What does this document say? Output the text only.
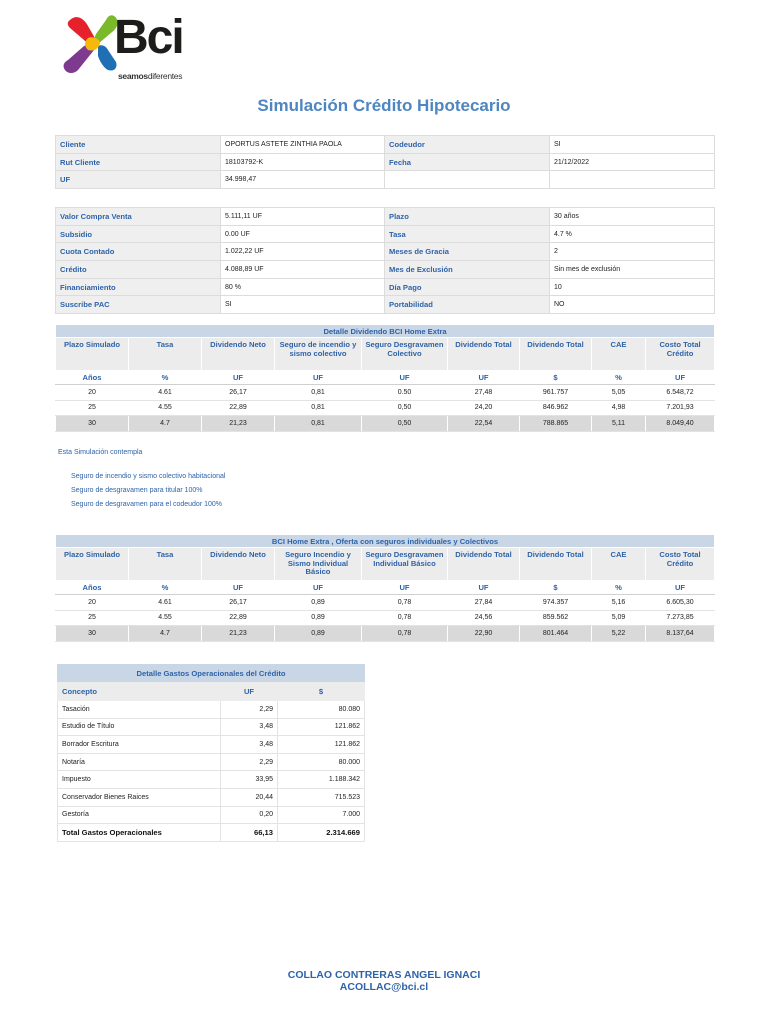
Bci
seamosdiferentes
Simulación Crédito Hipotecario
Cliente	OPORTUS ASTETE ZINTHIA PAOLA	Codeudor	SI
Rut Cliente	18103792-K	Fecha	21/12/2022
UF	34.998,47		
Valor Compra Venta	5.111,11 UF	Plazo	30 años
Subsidio	0.00 UF	Tasa	4.7 %
Cuota Contado	1.022,22 UF	Meses de Gracia	2
Crédito	4.088,89 UF	Mes de Exclusión	Sin mes de exclusión
Financiamiento	80 %	Día Pago	10
Suscribe PAC	SI	Portabilidad	NO
Detalle Dividendo BCI Home Extra								
Plazo Simulado	Tasa	Dividendo Neto	Seguro de incendio y sismo colectivo	Seguro Desgravamen Colectivo	Dividendo Total	Dividendo Total	CAE	Costo Total Crédito
Años	%	UF	UF	UF	UF	$	%	UF
20	4.61	26,17	0,81	0.50	27,48	961.757	5,05	6.548,72
25	4.55	22,89	0,81	0,50	24,20	846.962	4,98	7.201,93
30	4.7	21,23	0,81	0,50	22,54	788.865	5,11	8.049,40
Esta Simulación contempla
Seguro de incendio y sismo colectivo habitacional
Seguro de desgravamen para titular 100%
Seguro de desgravamen para el codeudor 100%
BCI Home Extra , Oferta con seguros individuales y Colectivos								
Plazo Simulado	Tasa	Dividendo Neto	Seguro Incendio y Sismo Individual Básico	Seguro Desgravamen Individual Básico	Dividendo Total	Dividendo Total	CAE	Costo Total Crédito
Años	%	UF	UF	UF	UF	$	%	UF
20	4.61	26,17	0,89	0,78	27,84	974.357	5,16	6.605,30
25	4.55	22,89	0,89	0,78	24,56	859.562	5,09	7.273,85
30	4.7	21,23	0,89	0,78	22,90	801.464	5,22	8.137,64
Detalle Gastos Operacionales del Crédito		
Concepto	UF	$
Tasación	2,29	80.080
Estudio de Título	3,48	121.862
Borrador Escritura	3,48	121.862
Notaría	2,29	80.000
Impuesto	33,95	1.188.342
Conservador Bienes Raices	20,44	715.523
Gestoría	0,20	7.000
Total Gastos Operacionales	66,13	2.314.669
COLLAO CONTRERAS ANGEL IGNACI
ACOLLAC@bci.cl
